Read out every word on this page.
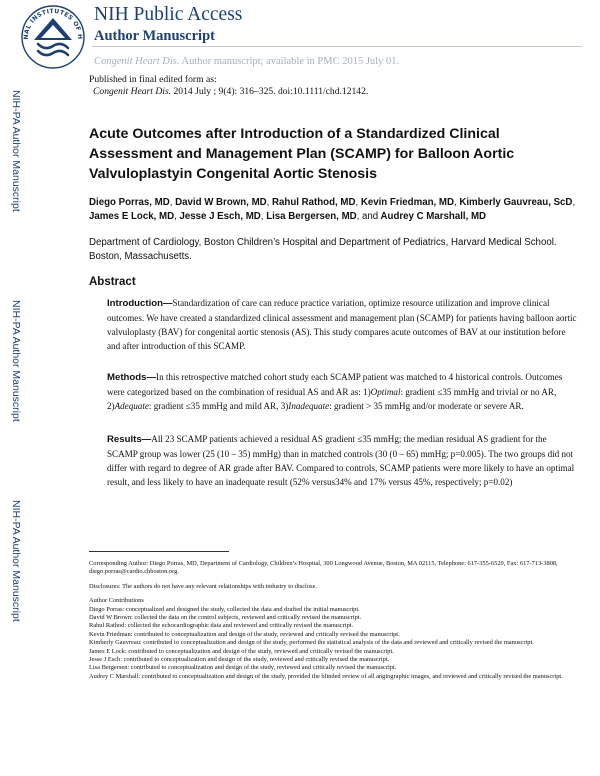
NAL INSTITUTES OF H
NIH Public Access
Author Manuscript
Congenit Heart Dis. Author manuscript; available in PMC 2015 July 01.
NIH-PA Author Manuscript
NIH-PA Author Manuscript
NIH-PA Author Manuscript
Published in final edited form as:
Congenit Heart Dis. 2014 July ; 9(4): 316–325. doi:10.1111/chd.12142.
Acute Outcomes after Introduction of a Standardized Clinical Assessment and Management Plan (SCAMP) for Balloon Aortic Valvuloplastyin Congenital Aortic Stenosis
Diego Porras, MD, David W Brown, MD, Rahul Rathod, MD, Kevin Friedman, MD, Kimberly Gauvreau, ScD, James E Lock, MD, Jesse J Esch, MD, Lisa Bergersen, MD, and Audrey C Marshall, MD
Department of Cardiology, Boston Children’s Hospital and Department of Pediatrics, Harvard Medical School. Boston, Massachusetts.
Abstract

Introduction—Standardization of care can reduce practice variation, optimize resource utilization and improve clinical outcomes. We have created a standardized clinical assessment and management plan (SCAMP) for patients having balloon aortic valvuloplasty (BAV) for congenital aortic stenosis (AS). This study compares acute outcomes of BAV at our institution before and after introduction of this SCAMP.

Methods—In this retrospective matched cohort study each SCAMP patient was matched to 4 historical controls. Outcomes were categorized based on the combination of residual AS and AR as: 1)Optimal: gradient ≤35 mmHg and trivial or no AR, 2)Adequate: gradient ≤35 mmHg and mild AR, 3)Inadequate: gradient > 35 mmHg and/or moderate or severe AR.

Results—All 23 SCAMP patients achieved a residual AS gradient ≤35 mmHg; the median residual AS gradient for the SCAMP group was lower (25 (10 – 35) mmHg) than in matched controls (30 (0 – 65) mmHg; p=0.005). The two groups did not differ with regard to degree of AR grade after BAV. Compared to controls, SCAMP patients were more likely to have an optimal result, and less likely to have an inadequate result (52% versus34% and 17% versus 45%, respectively; p=0.02)

Corresponding Author: Diego Porras, MD, Department of Cardiology, Children’s Hospital, 300 Longwood Avenue, Boston, MA 02115, Telephone: 617-355-6529, Fax: 617-713-3808, diego.porras@cardio.chboston.org.

Disclosures: The authors do not have any relevant relationships with industry to disclose.

Author Contributions

Diego Porras: conceptualized and designed the study, collected the data and drafted the initial manuscript.

David W Brown: collected the data on the control subjects, reviewed and critically revised the manuscript.

Rahul Rathod: collected the echocardiographic data and reviewed and critically revised the manuscript.

Kevin Friedman: contributed to conceptualization and design of the study, reviewed and critically revised the manuscript.

Kimberly Gauvreau: contributed to conceptualization and design of the study, performed the statistical analysis of the data and reviewed and critically revised the manuscript.

James E Lock: contributed to conceptualization and design of the study, reviewed and critically revised the manuscript.

Jesse J Esch: contributed to conceptualization and design of the study, reviewed and critically revised the manuscript.

Lisa Bergersen: contributed to conceptualization and design of the study, reviewed and critically revised the manuscript.

Audrey C Marshall: contributed to conceptualization and design of the study, provided the blinded review of all angiographic images, and reviewed and critically revised the manuscript.
